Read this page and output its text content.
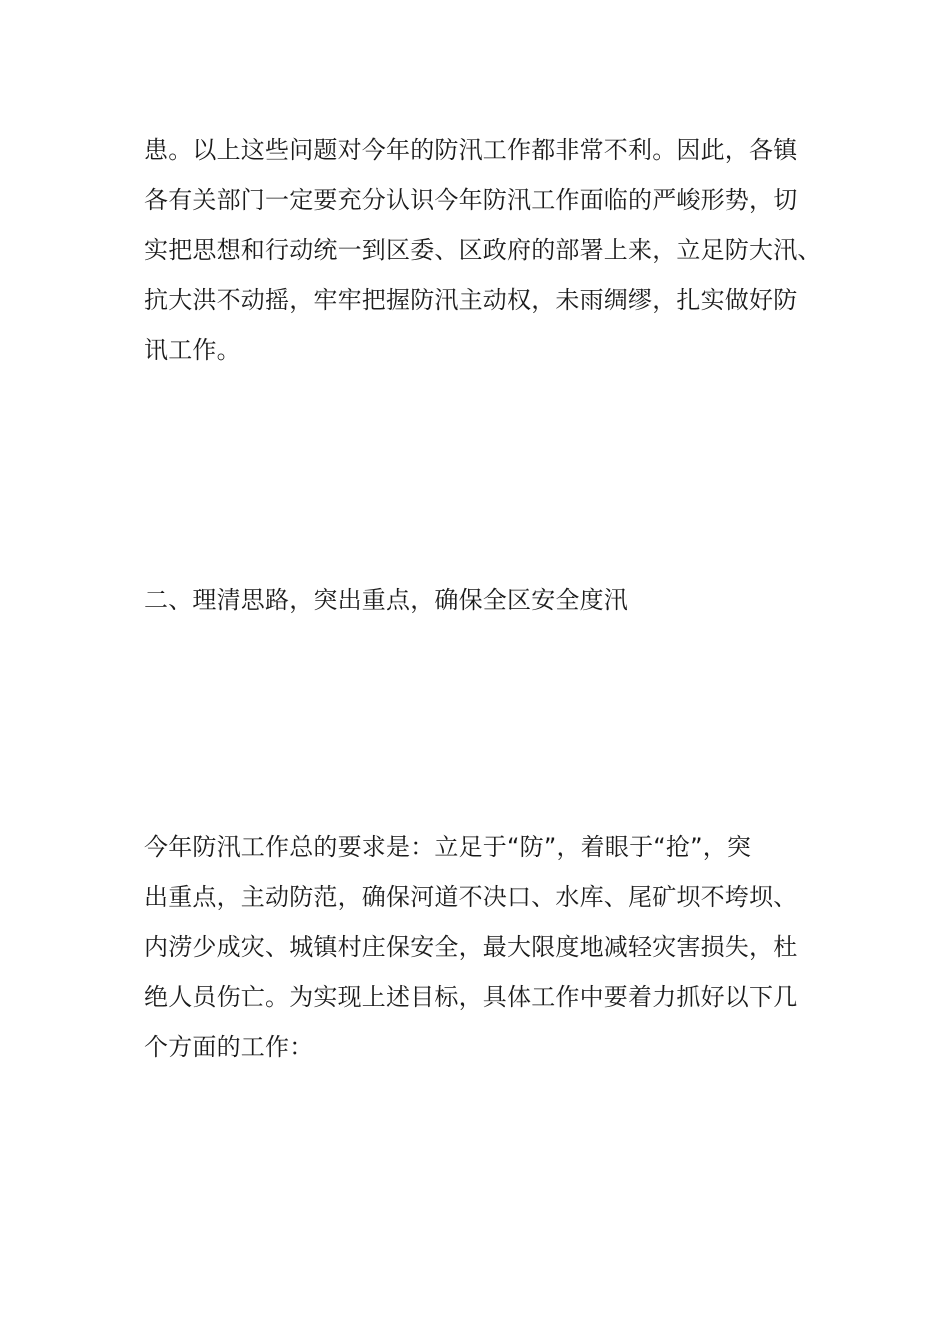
患。以上这些问题对今年的防汛工作都非常不利。因此，各镇
各有关部门一定要充分认识今年防汛工作面临的严峻形势，切
实把思想和行动统一到区委、区政府的部署上来，立足防大汛、
抗大洪不动摇，牢牢把握防汛主动权，未雨绸缪，扎实做好防
讯工作。
二、理清思路，突出重点，确保全区安全度汛
今年防汛工作总的要求是：立足于“防”，着眼于“抢”，突
出重点，主动防范，确保河道不决口、水库、尾矿坝不垮坝、
内涝少成灾、城镇村庄保安全，最大限度地减轻灾害损失，杜
绝人员伤亡。为实现上述目标，具体工作中要着力抓好以下几
个方面的工作：
